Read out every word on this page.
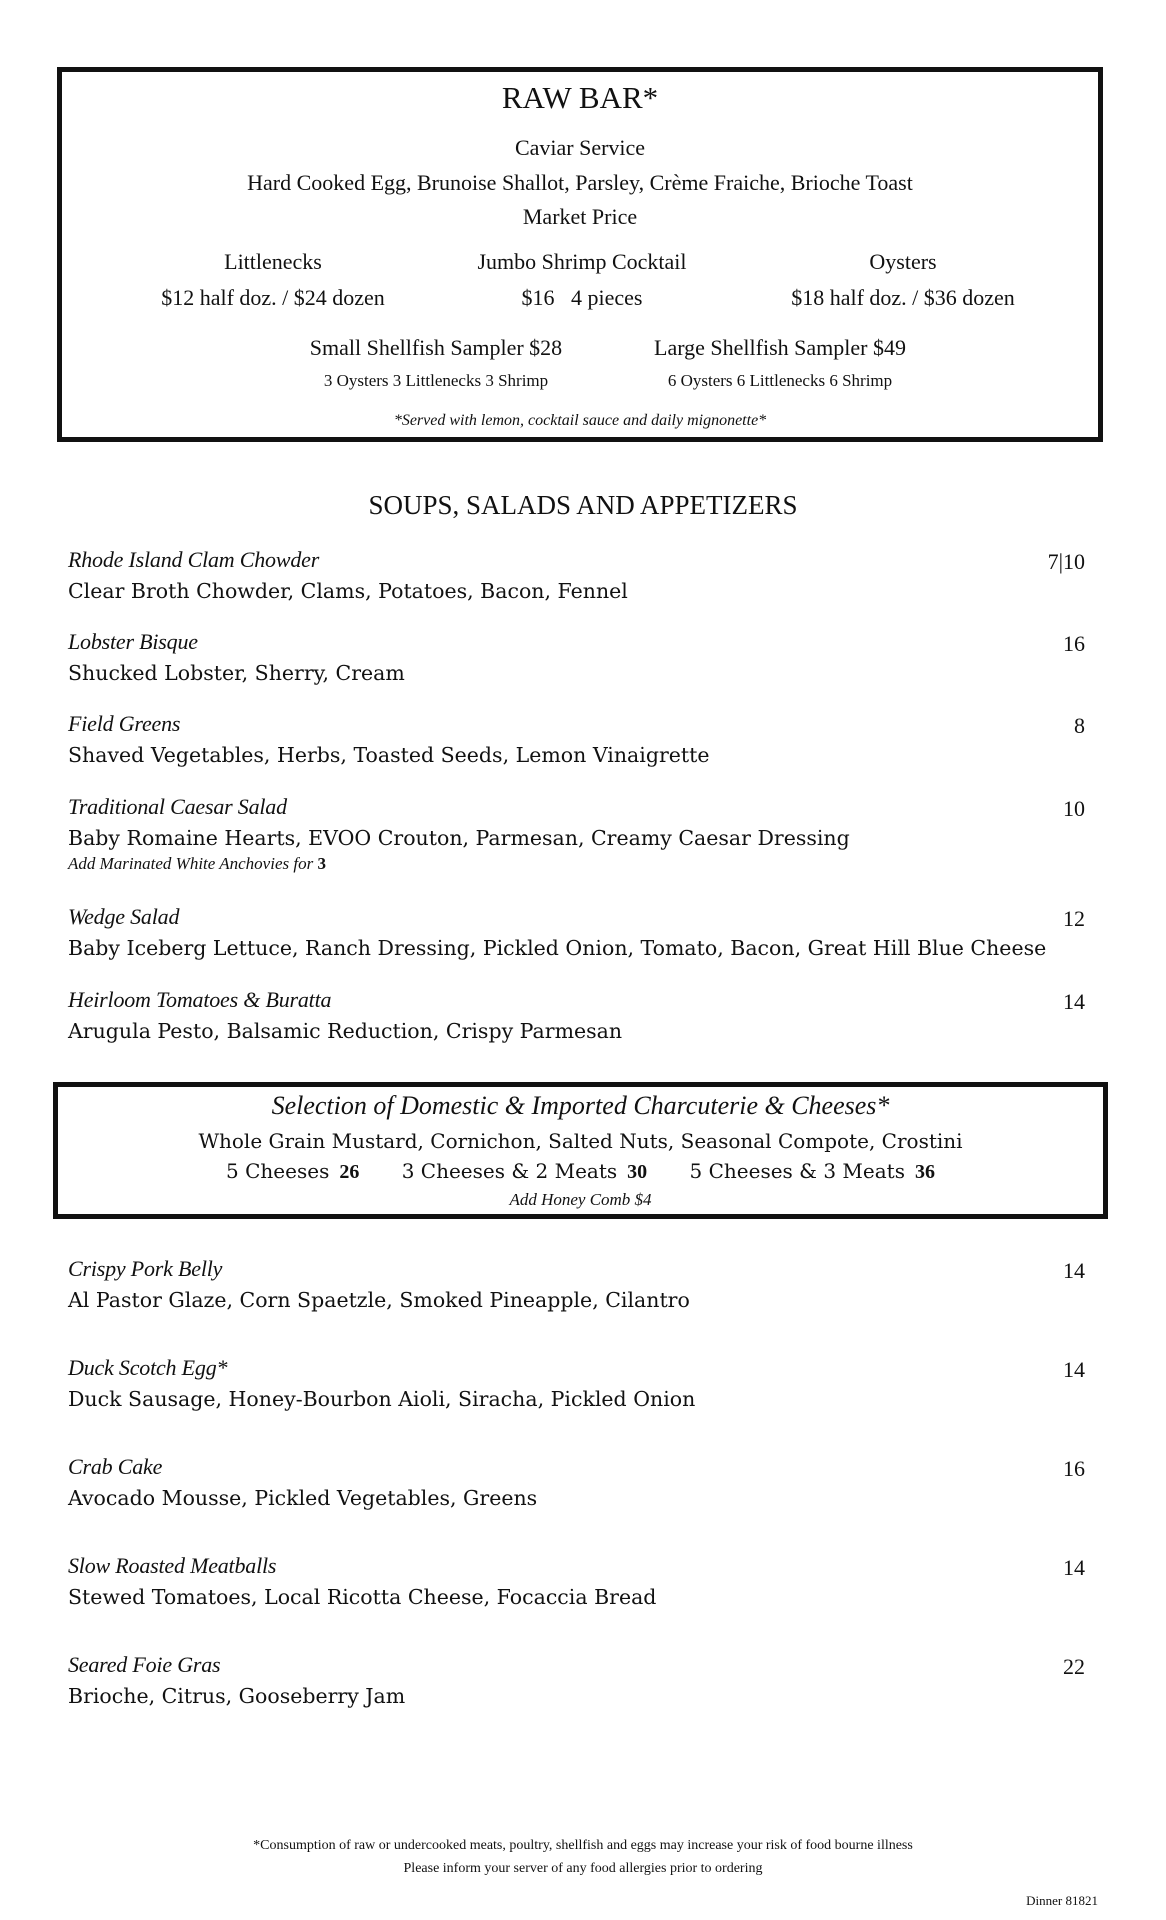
RAW BAR*
Caviar Service
Hard Cooked Egg, Brunoise Shallot, Parsley, Crème Fraiche, Brioche Toast
Market Price
Littlenecks
$12 half doz. / $24 dozen
Jumbo Shrimp Cocktail
$16   4 pieces
Oysters
$18 half doz. / $36 dozen
Small Shellfish Sampler $28
3 Oysters 3 Littlenecks 3 Shrimp
Large Shellfish Sampler $49
6 Oysters 6 Littlenecks 6 Shrimp
*Served with lemon, cocktail sauce and daily mignonette*
SOUPS, SALADS AND APPETIZERS
Rhode Island Clam Chowder
Clear Broth Chowder, Clams, Potatoes, Bacon, Fennel
7|10
Lobster Bisque
Shucked Lobster, Sherry, Cream
16
Field Greens
Shaved Vegetables, Herbs, Toasted Seeds, Lemon Vinaigrette
8
Traditional Caesar Salad
Baby Romaine Hearts, EVOO Crouton, Parmesan, Creamy Caesar Dressing
Add Marinated White Anchovies for 3
10
Wedge Salad
Baby Iceberg Lettuce, Ranch Dressing, Pickled Onion, Tomato, Bacon, Great Hill Blue Cheese
12
Heirloom Tomatoes & Buratta
Arugula Pesto, Balsamic Reduction, Crispy Parmesan
14
Selection of Domestic & Imported Charcuterie & Cheeses*
Whole Grain Mustard, Cornichon, Salted Nuts, Seasonal Compote, Crostini
5 Cheeses 26 3 Cheeses & 2 Meats 30 5 Cheeses & 3 Meats 36
Add Honey Comb $4
Crispy Pork Belly
Al Pastor Glaze, Corn Spaetzle, Smoked Pineapple, Cilantro
14
Duck Scotch Egg*
Duck Sausage, Honey-Bourbon Aioli, Siracha, Pickled Onion
14
Crab Cake
Avocado Mousse, Pickled Vegetables, Greens
16
Slow Roasted Meatballs
Stewed Tomatoes, Local Ricotta Cheese, Focaccia Bread
14
Seared Foie Gras
Brioche, Citrus, Gooseberry Jam
22
*Consumption of raw or undercooked meats, poultry, shellfish and eggs may increase your risk of food bourne illness
Please inform your server of any food allergies prior to ordering
Dinner 81821
